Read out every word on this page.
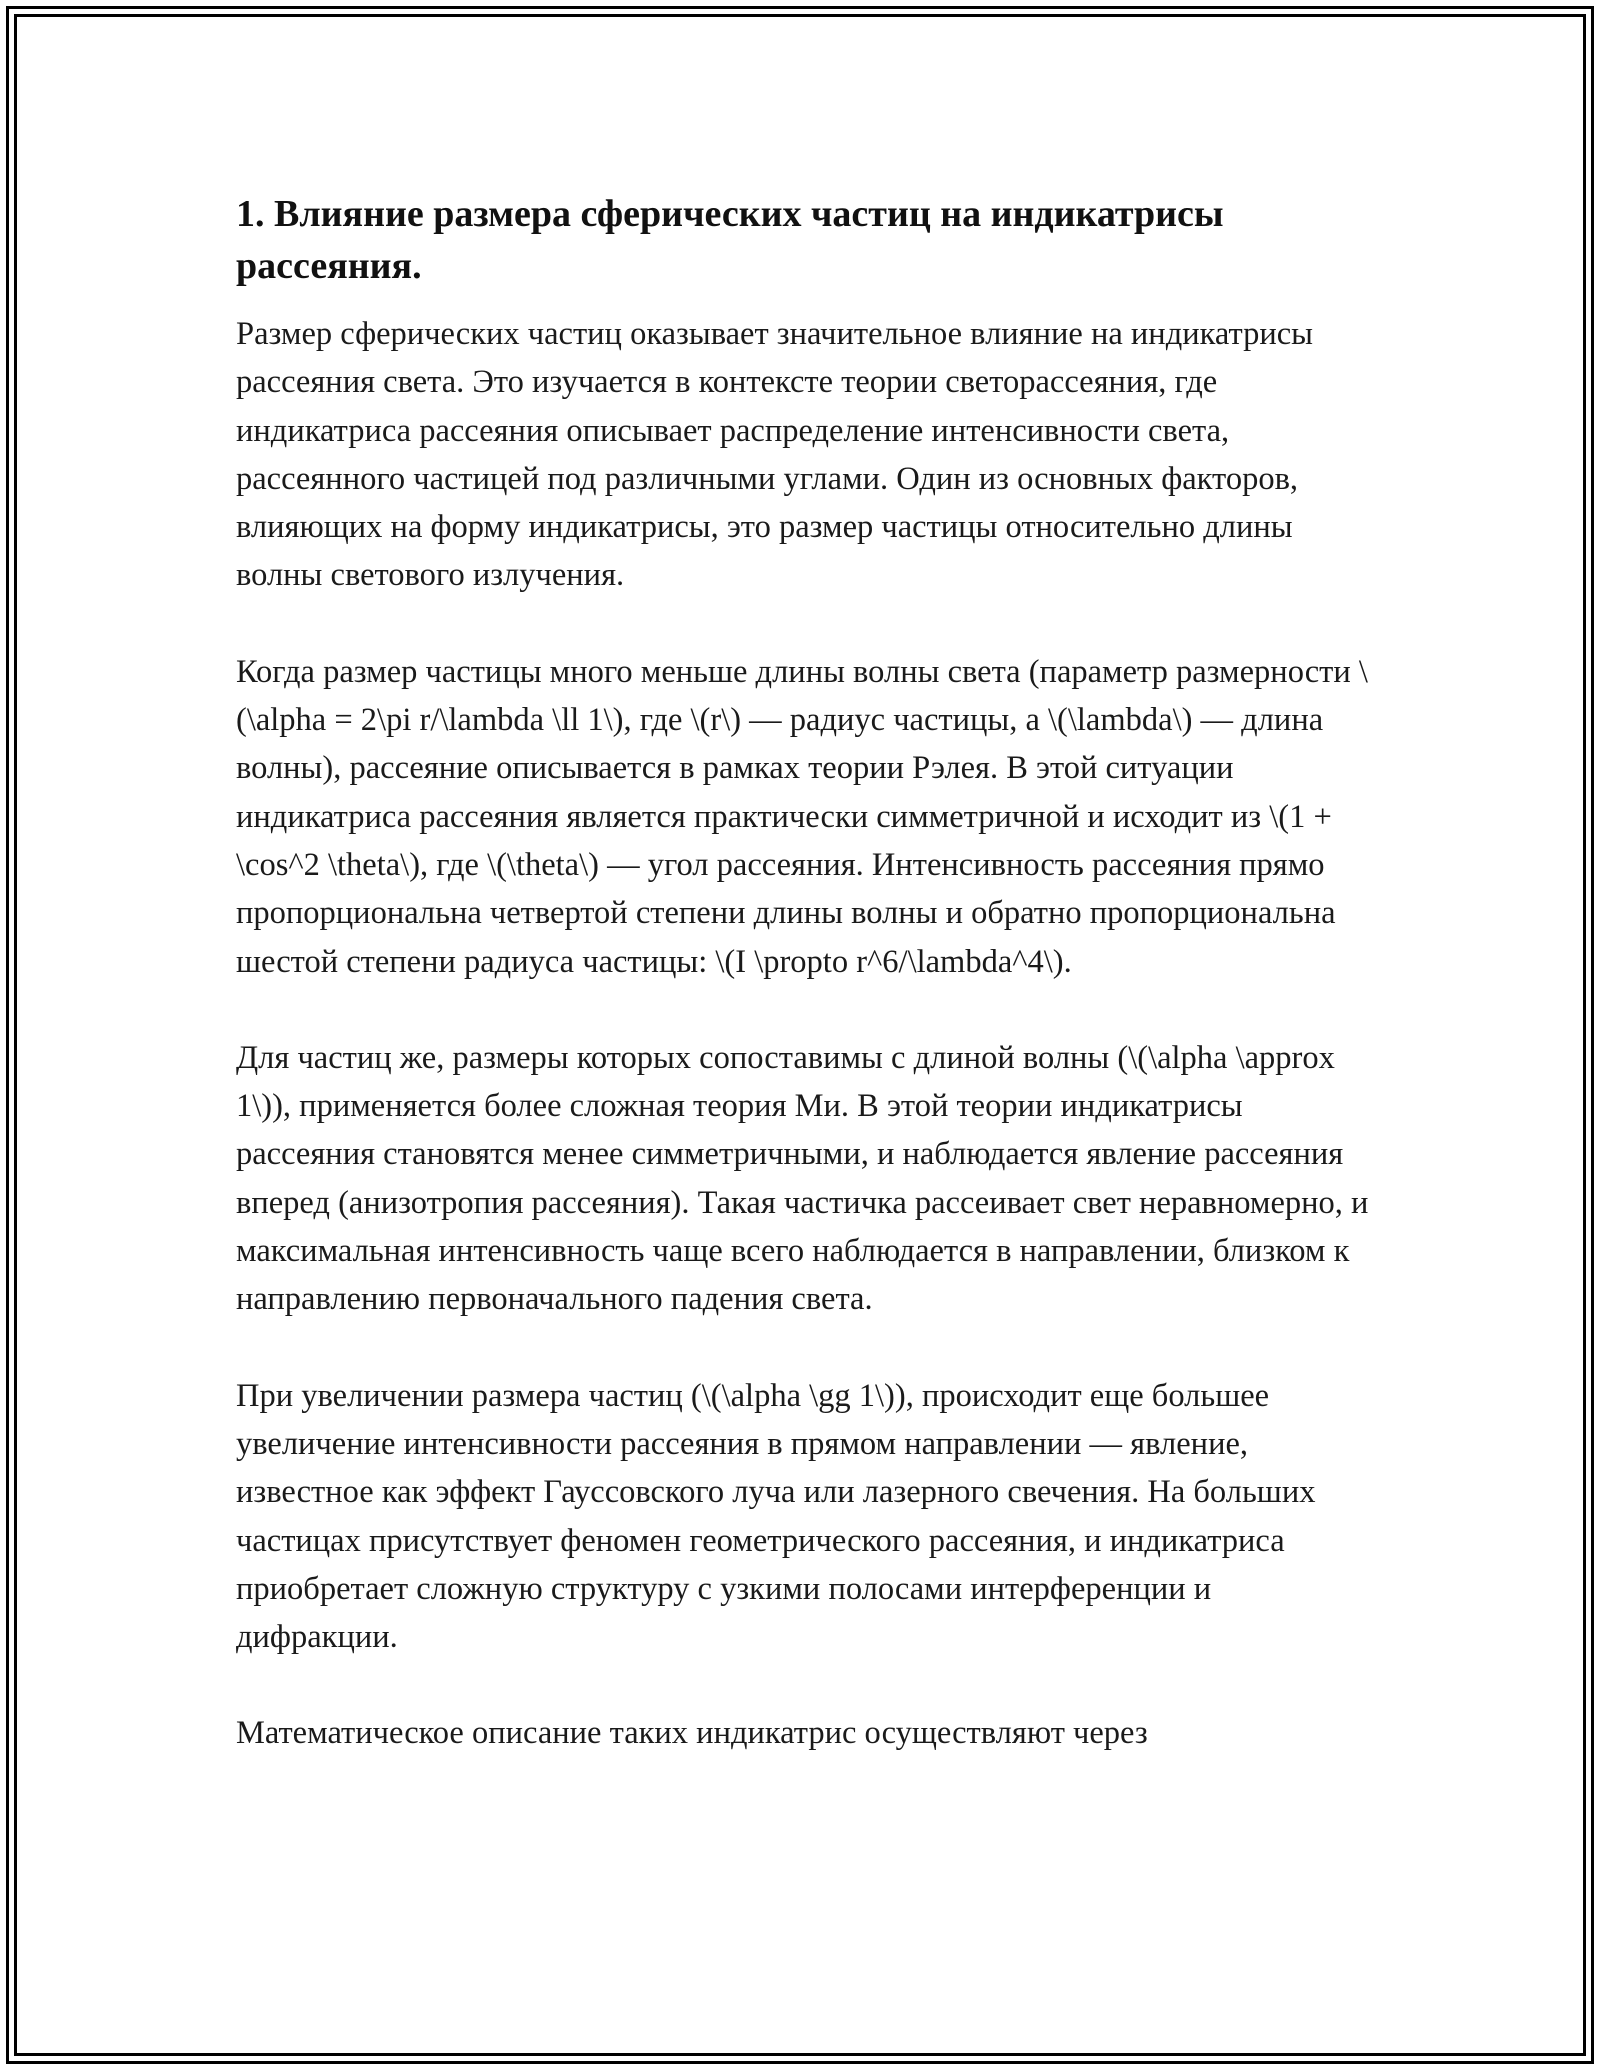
1. Влияние размера сферических частиц на индикатрисы рассеяния.

Размер сферических частиц оказывает значительное влияние на индикатрисы рассеяния света. Это изучается в контексте теории светорассеяния, где индикатриса рассеяния описывает распределение интенсивности света, рассеянного частицей под различными углами. Один из основных факторов, влияющих на форму индикатрисы, это размер частицы относительно длины волны светового излучения.

Когда размер частицы много меньше длины волны света (параметр размерности \(\alpha = 2\pi r/\lambda \ll 1\), где \(r\) — радиус частицы, а \(\lambda\) — длина волны), рассеяние описывается в рамках теории Рэлея. В этой ситуации индикатриса рассеяния является практически симметричной и исходит из \(1 + \cos^2 \theta\), где \(\theta\) — угол рассеяния. Интенсивность рассеяния прямо пропорциональна четвертой степени длины волны и обратно пропорциональна шестой степени радиуса частицы: \(I \propto r^6/\lambda^4\).

Для частиц же, размеры которых сопоставимы с длиной волны (\(\alpha \approx 1\)), применяется более сложная теория Ми. В этой теории индикатрисы рассеяния становятся менее симметричными, и наблюдается явление рассеяния вперед (анизотропия рассеяния). Такая частичка рассеивает свет неравномерно, и максимальная интенсивность чаще всего наблюдается в направлении, близком к направлению первоначального падения света.

При увеличении размера частиц (\(\alpha \gg 1\)), происходит еще большее увеличение интенсивности рассеяния в прямом направлении — явление, известное как эффект Гауссовского луча или лазерного свечения. На больших частицах присутствует феномен геометрического рассеяния, и индикатриса приобретает сложную структуру с узкими полосами интерференции и дифракции.

Математическое описание таких индикатрис осуществляют через
